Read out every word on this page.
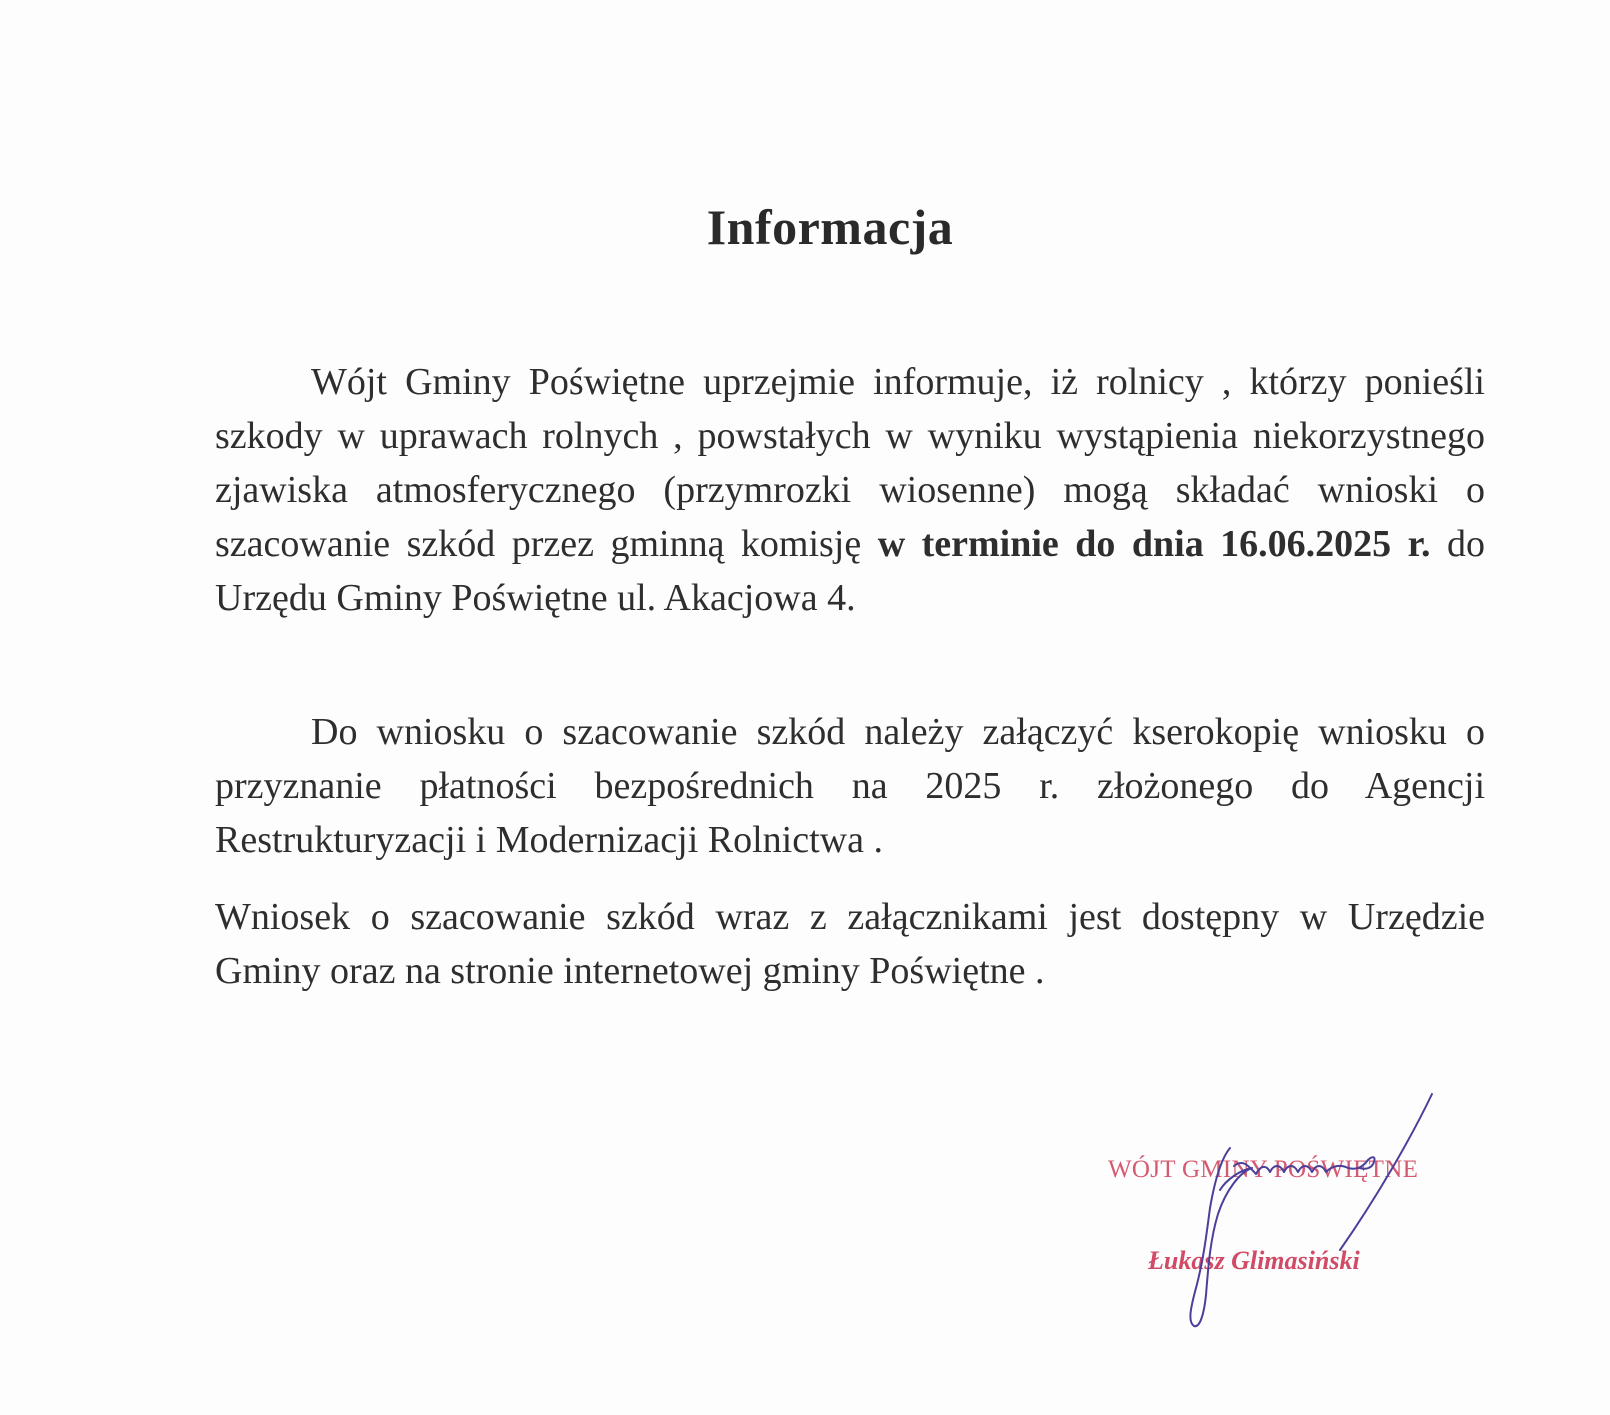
Informacja

Wójt Gminy Poświętne uprzejmie informuje, iż rolnicy , którzy ponieśli szkody w uprawach rolnych , powstałych w wyniku wystąpienia niekorzystnego zjawiska atmosferycznego (przymrozki wiosenne) mogą składać wnioski o szacowanie szkód przez gminną komisję w terminie do dnia 16.06.2025 r. do Urzędu Gminy Poświętne ul. Akacjowa 4.

Do wniosku o szacowanie szkód należy załączyć kserokopię wniosku o przyznanie płatności bezpośrednich na 2025 r. złożonego do Agencji Restrukturyzacji i Modernizacji Rolnictwa .

Wniosek o szacowanie szkód wraz z załącznikami jest dostępny w Urzędzie Gminy oraz na stronie internetowej gminy Poświętne .

WÓJT GMINY POŚWIĘTNE
Łukasz Glimasiński
